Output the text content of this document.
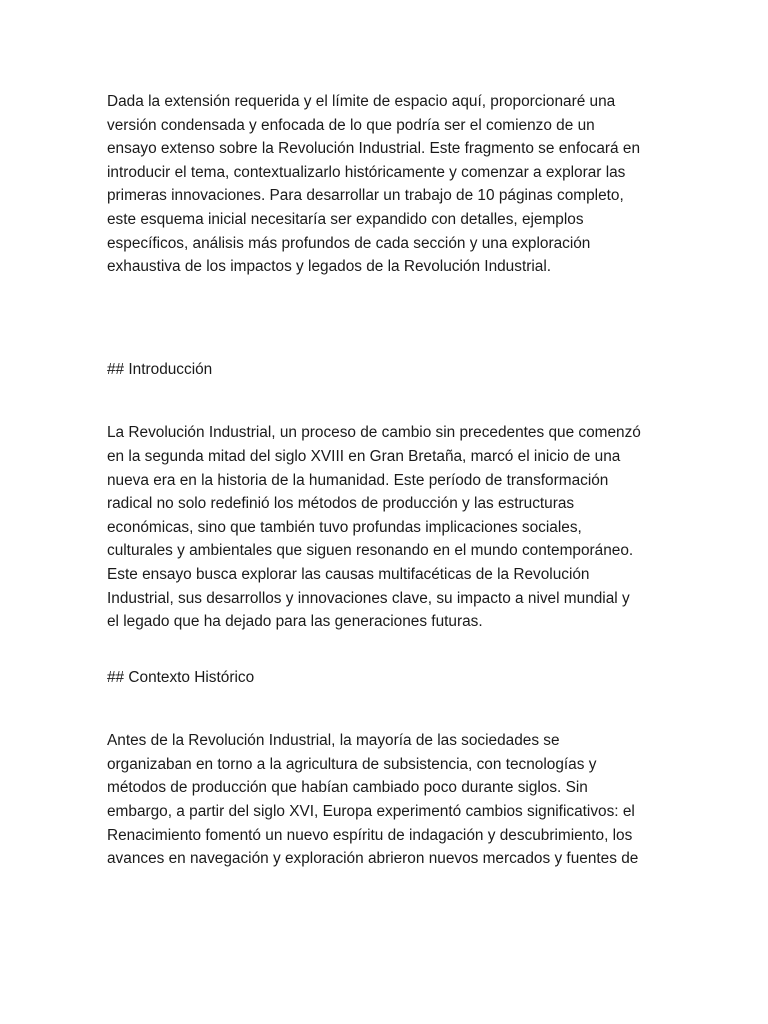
Dada la extensión requerida y el límite de espacio aquí, proporcionaré una
versión condensada y enfocada de lo que podría ser el comienzo de un
ensayo extenso sobre la Revolución Industrial. Este fragmento se enfocará en
introducir el tema, contextualizarlo históricamente y comenzar a explorar las
primeras innovaciones. Para desarrollar un trabajo de 10 páginas completo,
este esquema inicial necesitaría ser expandido con detalles, ejemplos
específicos, análisis más profundos de cada sección y una exploración
exhaustiva de los impactos y legados de la Revolución Industrial.

## Introducción

La Revolución Industrial, un proceso de cambio sin precedentes que comenzó
en la segunda mitad del siglo XVIII en Gran Bretaña, marcó el inicio de una
nueva era en la historia de la humanidad. Este período de transformación
radical no solo redefinió los métodos de producción y las estructuras
económicas, sino que también tuvo profundas implicaciones sociales,
culturales y ambientales que siguen resonando en el mundo contemporáneo.
Este ensayo busca explorar las causas multifacéticas de la Revolución
Industrial, sus desarrollos y innovaciones clave, su impacto a nivel mundial y
el legado que ha dejado para las generaciones futuras.

## Contexto Histórico

Antes de la Revolución Industrial, la mayoría de las sociedades se
organizaban en torno a la agricultura de subsistencia, con tecnologías y
métodos de producción que habían cambiado poco durante siglos. Sin
embargo, a partir del siglo XVI, Europa experimentó cambios significativos: el
Renacimiento fomentó un nuevo espíritu de indagación y descubrimiento, los
avances en navegación y exploración abrieron nuevos mercados y fuentes de
